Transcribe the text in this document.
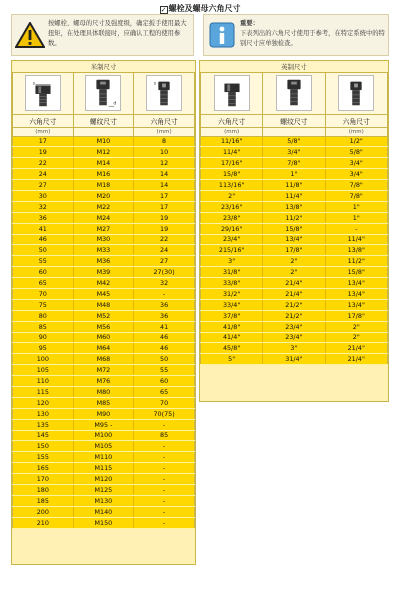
✓ 螺栓及螺母六角尺寸
按螺栓、螺母的尺寸及强度级，确定扳手使用最大扭矩，在处理具体联接时，应确认工程的使用参数。
重要：
下表列出的六角尺寸使用于参考，在特定系统中的特别尺寸应单独检查。
米制尺寸		

s	d	s

六角尺寸	螺纹尺寸	六角尺寸
(mm)		(mm)
17	M10	8
19	M12	10
22	M14	12
24	M16	14
27	M18	14
30	M20	17
32	M22	17
36	M24	19
41	M27	19
46	M30	22
50	M33	24
55	M36	27
60	M39	27(30)
65	M42	32
70	M45	-
75	M48	36
80	M52	36
85	M56	41
90	M60	46
95	M64	46
100	M68	50
105	M72	55
110	M76	60
115	M80	65
120	M85	70
130	M90	70(75)
135	M95 -	-
145	M100	85
150	M105	-
155	M110	-
165	M115	-
170	M120	-
180	M125	-
185	M130	-
200	M140	-
210	M150	-
英制尺寸		

六角尺寸	螺纹尺寸	六角尺寸
(mm)		(mm)
11/16"	5/8"	1/2"
11/4"	3/4"	5/8"
17/16"	7/8"	3/4"
15/8"	1"	3/4"
113/16"	11/8"	7/8"
2"	11/4"	7/8"
23/16"	13/8"	1"
23/8"	11/2"	1"
29/16"	15/8"	-
23/4"	13/4"	11/4"
215/16"	17/8"	13/8"
3"	2"	11/2"
31/8"	2"	15/8"
33/8"	21/4"	13/4"
31/2"	21/4"	13/4"
33/4"	21/2"	13/4"
37/8"	21/2"	17/8"
41/8"	23/4"	2"
41/4"	23/4"	2"
45/8"	3"	21/4"
5"	31/4"	21/4"
